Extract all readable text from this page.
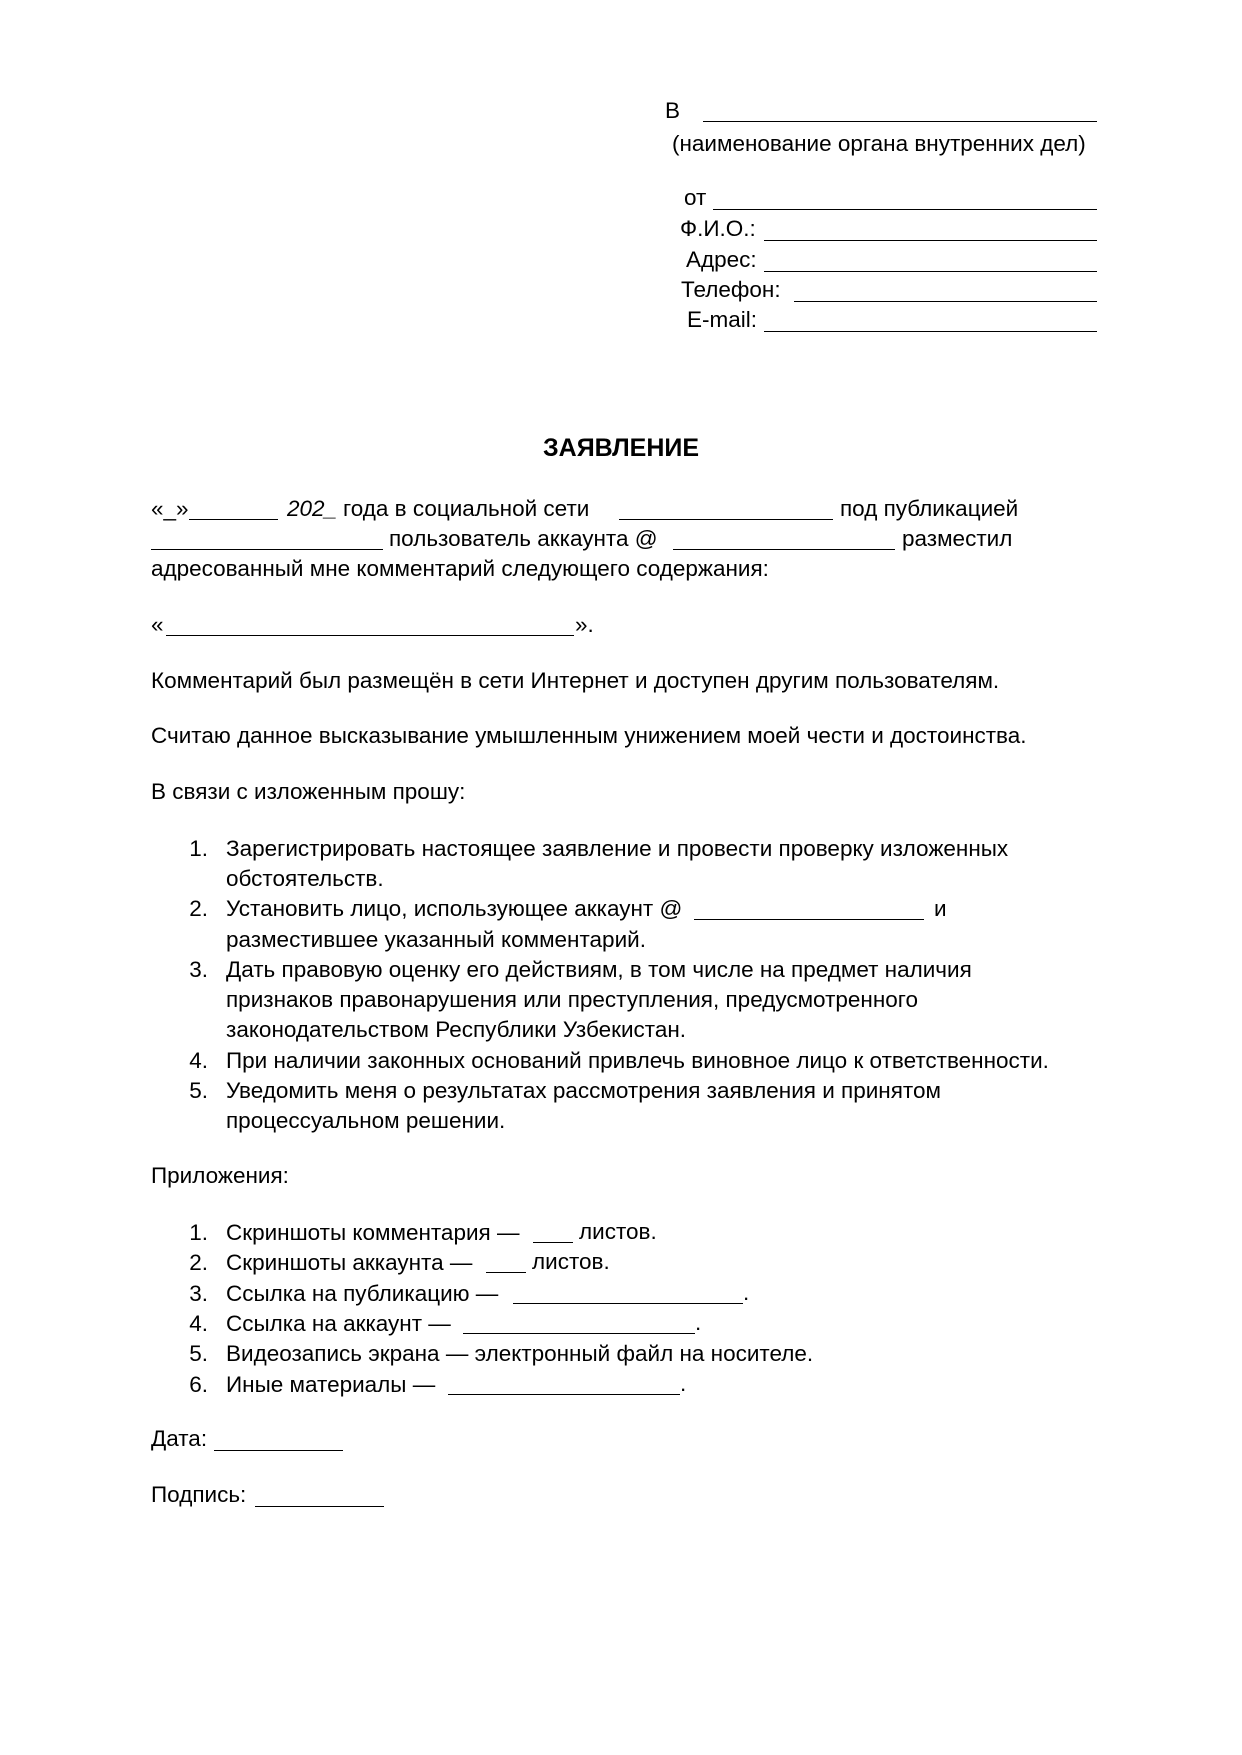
В
(наименование органа внутренних дел)
от
Ф.И.О.:
Адрес:
Телефон:
E-mail:
ЗАЯВЛЕНИЕ
«_»	202_ года в социальной сети	под публикацией
пользователь аккаунта @	разместил
адресованный мне комментарий следующего содержания:
«	».
Комментарий был размещён в сети Интернет и доступен другим пользователям.
Считаю данное высказывание умышленным унижением моей чести и достоинства.
В связи с изложенным прошу:
1. Зарегистрировать настоящее заявление и провести проверку изложенных
обстоятельств.
2. Установить лицо, использующее аккаунт @	и
разместившее указанный комментарий.
3. Дать правовую оценку его действиям, в том числе на предмет наличия
признаков правонарушения или преступления, предусмотренного
законодательством Республики Узбекистан.
4. При наличии законных оснований привлечь виновное лицо к ответственности.
5. Уведомить меня о результатах рассмотрения заявления и принятом
процессуальном решении.
Приложения:
1. Скриншоты комментария —	листов.
2. Скриншоты аккаунта —	листов.
3. Ссылка на публикацию —	.
4. Ссылка на аккаунт —	.
5. Видеозапись экрана — электронный файл на носителе.
6. Иные материалы —	.
Дата:
Подпись:
